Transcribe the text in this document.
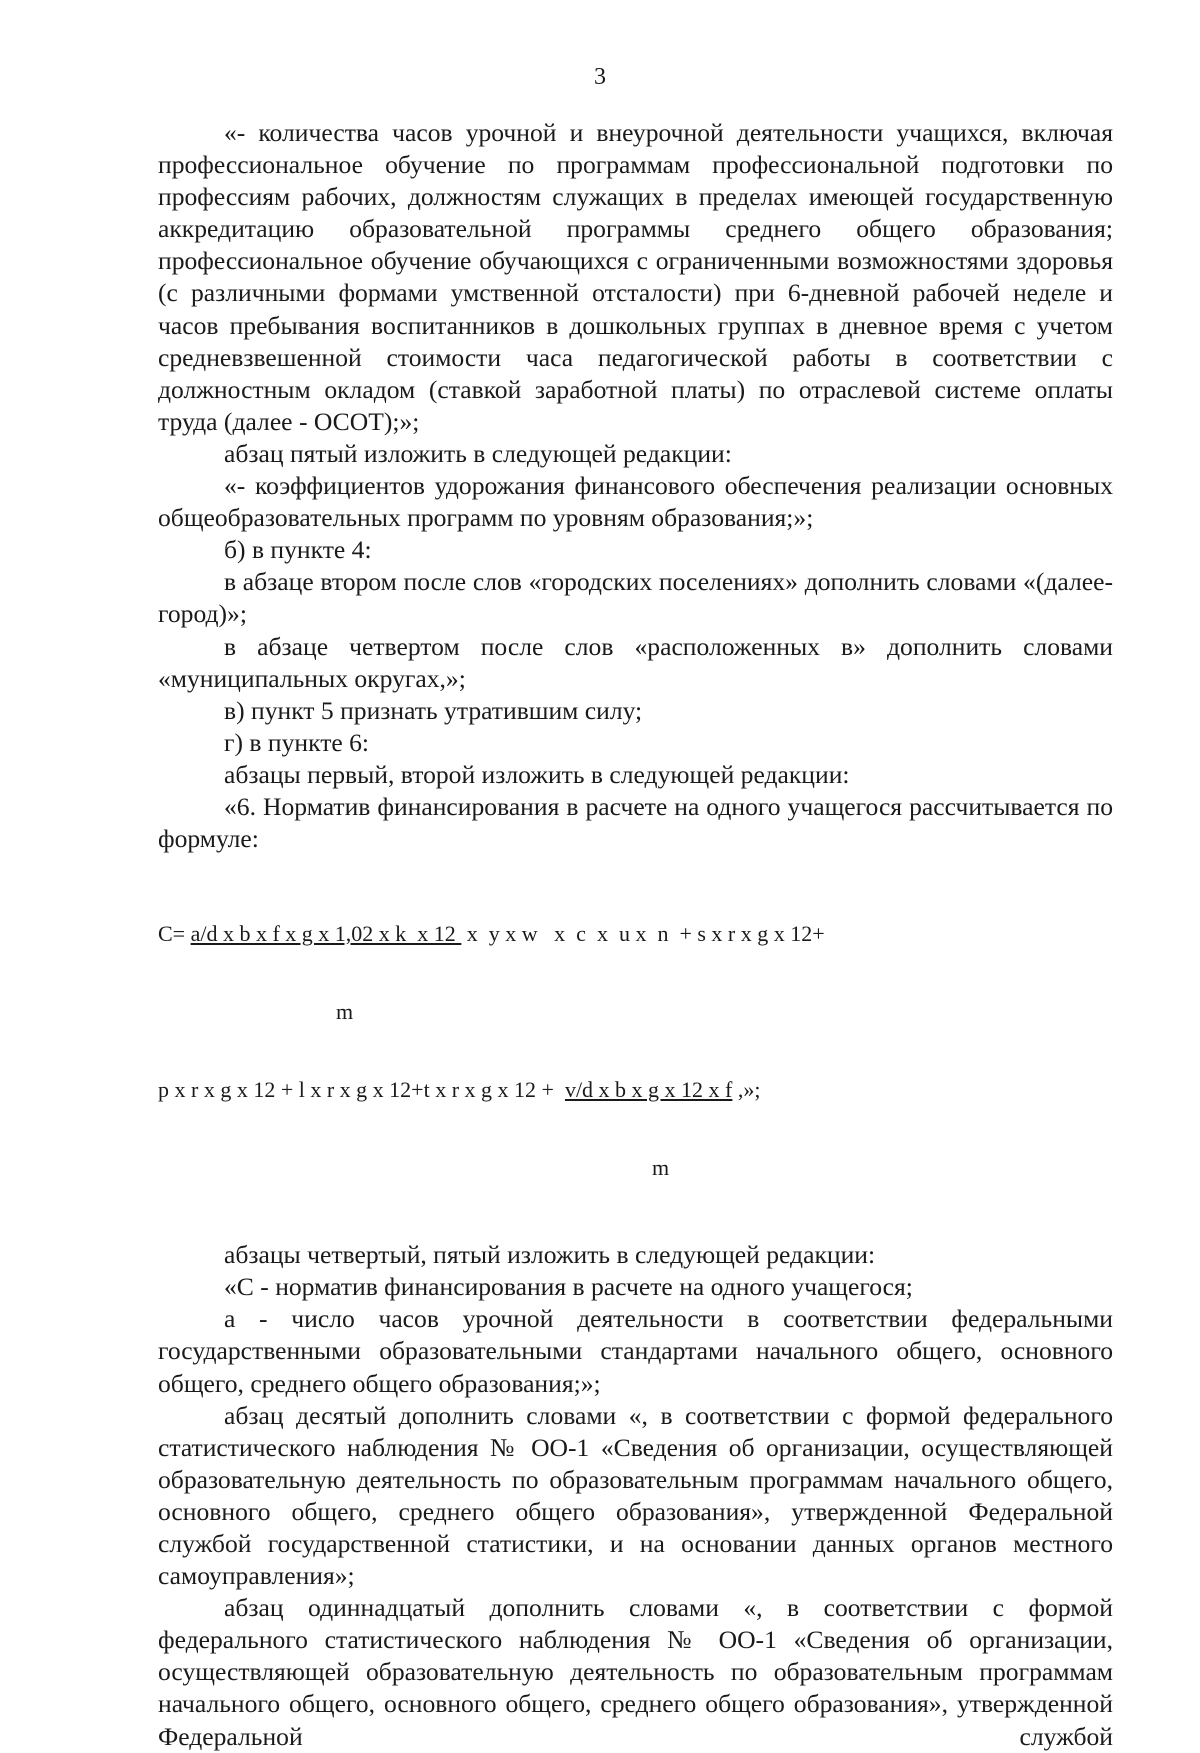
3

«- количества часов урочной и внеурочной деятельности учащихся, включая профессиональное обучение по программам профессиональной подготовки по профессиям рабочих, должностям служащих в пределах имеющей государственную аккредитацию образовательной программы среднего общего образования; профессиональное обучение обучающихся с ограниченными возможностями здоровья (с различными формами умственной отсталости) при 6-дневной рабочей неделе и часов пребывания воспитанников в дошкольных группах в дневное время с учетом средневзвешенной стоимости часа педагогической работы в соответствии с должностным окладом (ставкой заработной платы) по отраслевой системе оплаты труда (далее - ОСОТ);»;

абзац пятый изложить в следующей редакции:

«- коэффициентов удорожания финансового обеспечения реализации основных общеобразовательных программ по уровням образования;»;

б) в пункте 4:

в абзаце втором после слов «городских поселениях» дополнить словами «(далее-город)»;

в абзаце четвертом после слов «расположенных в» дополнить словами «муниципальных округах,»;

в) пункт 5 признать утратившим силу;

г) в пункте 6:

абзацы первый, второй изложить в следующей редакции:

«6. Норматив финансирования в расчете на одного учащегося рассчитывается по формуле:

С= a/d x b x f x g x 1,02 x k  x 12  x  y x w   x  c  x  u x  n  + s x r x g x 12+

m

p x r x g x 12 + l x r x g x 12+t x r x g x 12 +  v/d x b x g x 12 x f ,»;

m

абзацы четвертый, пятый изложить в следующей редакции:

«С - норматив финансирования в расчете на одного учащегося;

а - число часов урочной деятельности в соответствии федеральными государственными образовательными стандартами начального общего, основного общего, среднего общего образования;»;

абзац десятый дополнить словами «, в соответствии с формой федерального статистического наблюдения № ОО-1 «Сведения об организации, осуществляющей образовательную деятельность по образовательным программам начального общего, основного общего, среднего общего образования», утвержденной Федеральной службой государственной статистики, и на основании данных органов местного самоуправления»;

абзац одиннадцатый дополнить словами «, в соответствии с формой федерального статистического наблюдения № ОО-1 «Сведения об организации, осуществляющей образовательную деятельность по образовательным программам начального общего, основного общего, среднего общего образования», утвержденной Федеральной службой
